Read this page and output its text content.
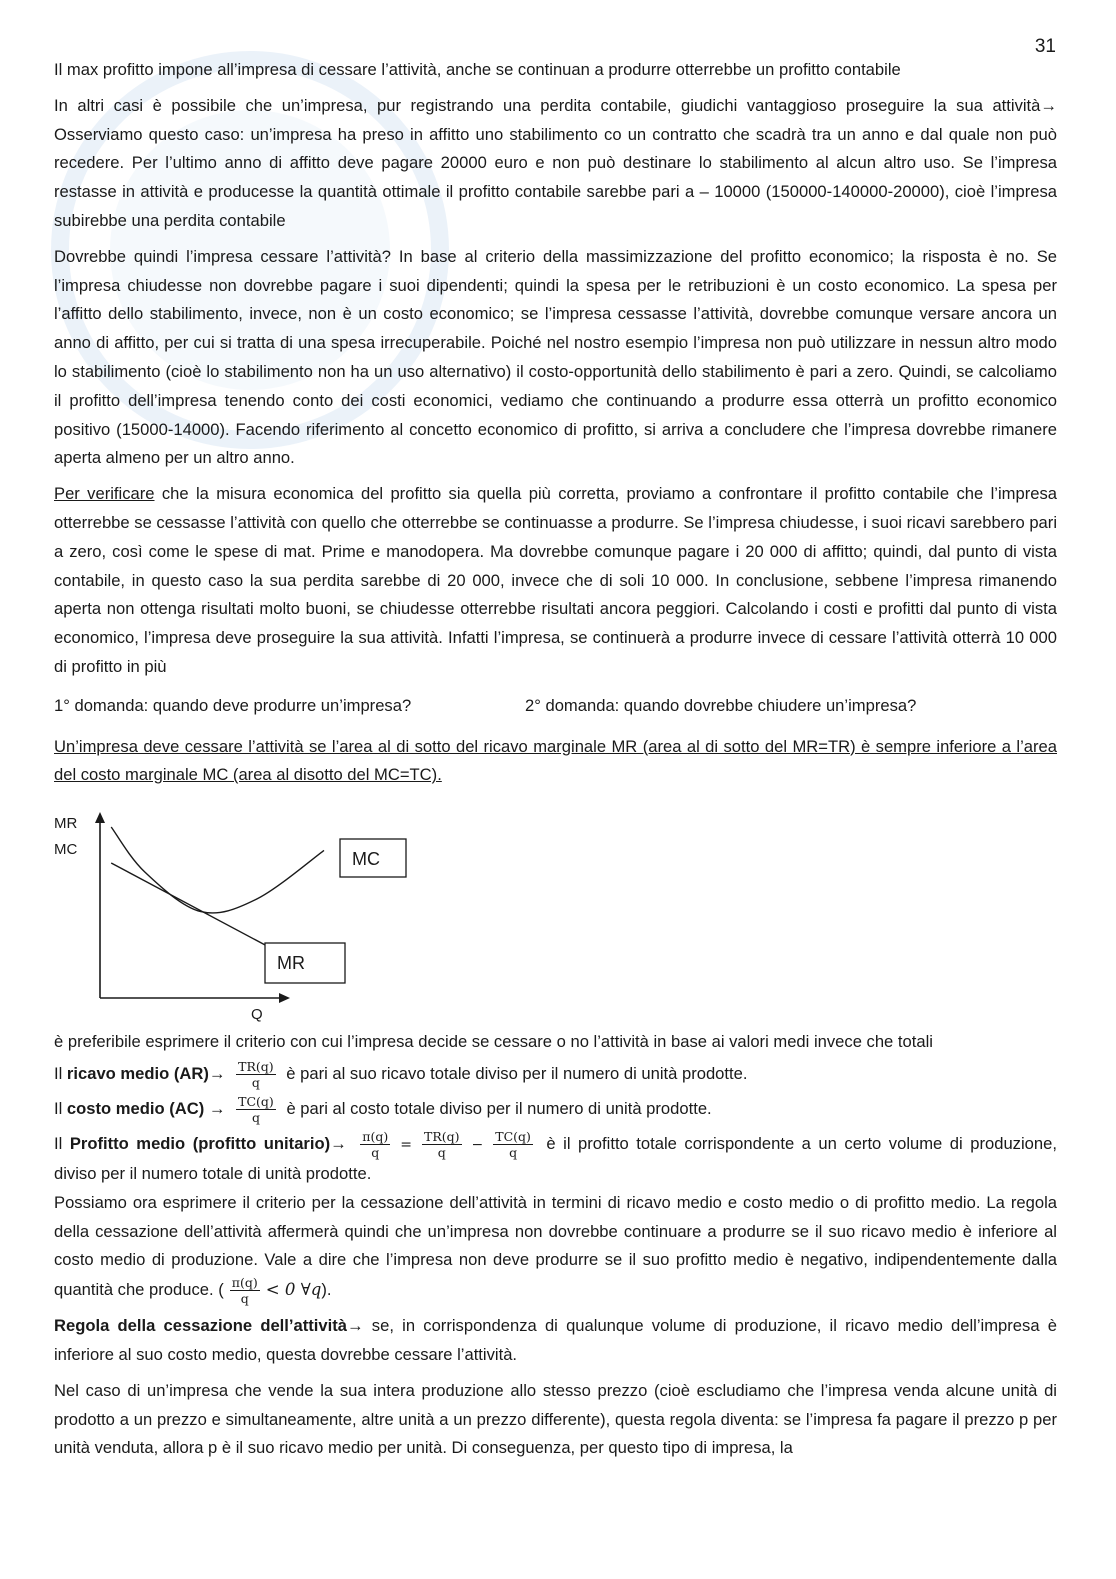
31

Il max profitto impone all’impresa di cessare l’attività, anche se continuan a produrre otterrebbe un profitto contabile

In altri casi è possibile che un’impresa, pur registrando una perdita contabile, giudichi vantaggioso proseguire la sua attività→ Osserviamo questo caso: un’impresa ha preso in affitto uno stabilimento co un contratto che scadrà tra un anno e dal quale non può recedere. Per l’ultimo anno di affitto deve pagare 20000 euro e non può destinare lo stabilimento al alcun altro uso. Se l’impresa restasse in attività e producesse la quantità ottimale il profitto contabile sarebbe pari a – 10000 (150000-140000-20000), cioè l’impresa subirebbe una perdita contabile

Dovrebbe quindi l’impresa cessare l’attività? In base al criterio della massimizzazione del profitto economico; la risposta è no. Se l’impresa chiudesse non dovrebbe pagare i suoi dipendenti; quindi la spesa per le retribuzioni è un costo economico. La spesa per l’affitto dello stabilimento, invece, non è un costo economico; se l’impresa cessasse l’attività, dovrebbe comunque versare ancora un anno di affitto, per cui si tratta di una spesa irrecuperabile. Poiché nel nostro esempio l’impresa non può utilizzare in nessun altro modo lo stabilimento (cioè lo stabilimento non ha un uso alternativo) il costo-opportunità dello stabilimento è pari a zero. Quindi, se calcoliamo il profitto dell’impresa tenendo conto dei costi economici, vediamo che continuando a produrre essa otterrà un profitto economico positivo (15000-14000). Facendo riferimento al concetto economico di profitto, si arriva a concludere che l’impresa dovrebbe rimanere aperta almeno per un altro anno.

Per verificare che la misura economica del profitto sia quella più corretta, proviamo a confrontare il profitto contabile che l’impresa otterrebbe se cessasse l’attività con quello che otterrebbe se continuasse a produrre. Se l’impresa chiudesse, i suoi ricavi sarebbero pari a zero, così come le spese di mat. Prime e manodopera. Ma dovrebbe comunque pagare i 20 000 di affitto; quindi, dal punto di vista contabile, in questo caso la sua perdita sarebbe di 20 000, invece che di soli 10 000. In conclusione, sebbene l’impresa rimanendo aperta non ottenga risultati molto buoni, se chiudesse otterrebbe risultati ancora peggiori. Calcolando i costi e profitti dal punto di vista economico, l’impresa deve proseguire la sua attività. Infatti l’impresa, se continuerà a produrre invece di cessare l’attività otterrà 10 000 di profitto in più

1° domanda: quando deve produrre un’impresa?	2° domanda: quando dovrebbe chiudere un’impresa?

Un’impresa deve cessare l’attività se l’area al di sotto del ricavo marginale MR (area al di sotto del MR=TR) è sempre inferiore a l’area del costo marginale MC (area al disotto del MC=TC).

MR
MC
Q
MC
MR

è preferibile esprimere il criterio con cui l’impresa decide se cessare o no l’attività in base ai valori medi invece che totali

Il ricavo medio $(AR)\to \frac{TR(q)}{q}$ è pari al suo ricavo totale diviso per il numero di unità prodotte.
Il costo medio $(AC) \to \frac{TC(q)}{q}$ è pari al costo totale diviso per il numero di unità prodotte.

Il Profitto medio (profitto unitario)→ $\frac{\pi(q)}{q} = \frac{TR(q)}{q} - \frac{TC(q)}{q}$ è il profitto totale corrispondente a un certo volume di produzione, diviso per il numero totale di unità prodotte.

Possiamo ora esprimere il criterio per la cessazione dell’attività in termini di ricavo medio e costo medio o di profitto medio. La regola della cessazione dell’attività affermerà quindi che un’impresa non dovrebbe continuare a produrre se il suo ricavo medio è inferiore al costo medio di produzione. Vale a dire che l’impresa non deve produrre se il suo profitto medio è negativo, indipendentemente dalla quantità che produce. ( $\frac{\pi(q)}{q} < 0$ ∀q).

Regola della cessazione dell’attività→ se, in corrispondenza di qualunque volume di produzione, il ricavo medio dell’impresa è inferiore al suo costo medio, questa dovrebbe cessare l’attività.

Nel caso di un’impresa che vende la sua intera produzione allo stesso prezzo (cioè escludiamo che l’impresa venda alcune unità di prodotto a un prezzo e simultaneamente, altre unità a un prezzo differente), questa regola diventa: se l’impresa fa pagare il prezzo p per unità venduta, allora p è il suo ricavo medio per unità. Di conseguenza, per questo tipo di impresa, la
